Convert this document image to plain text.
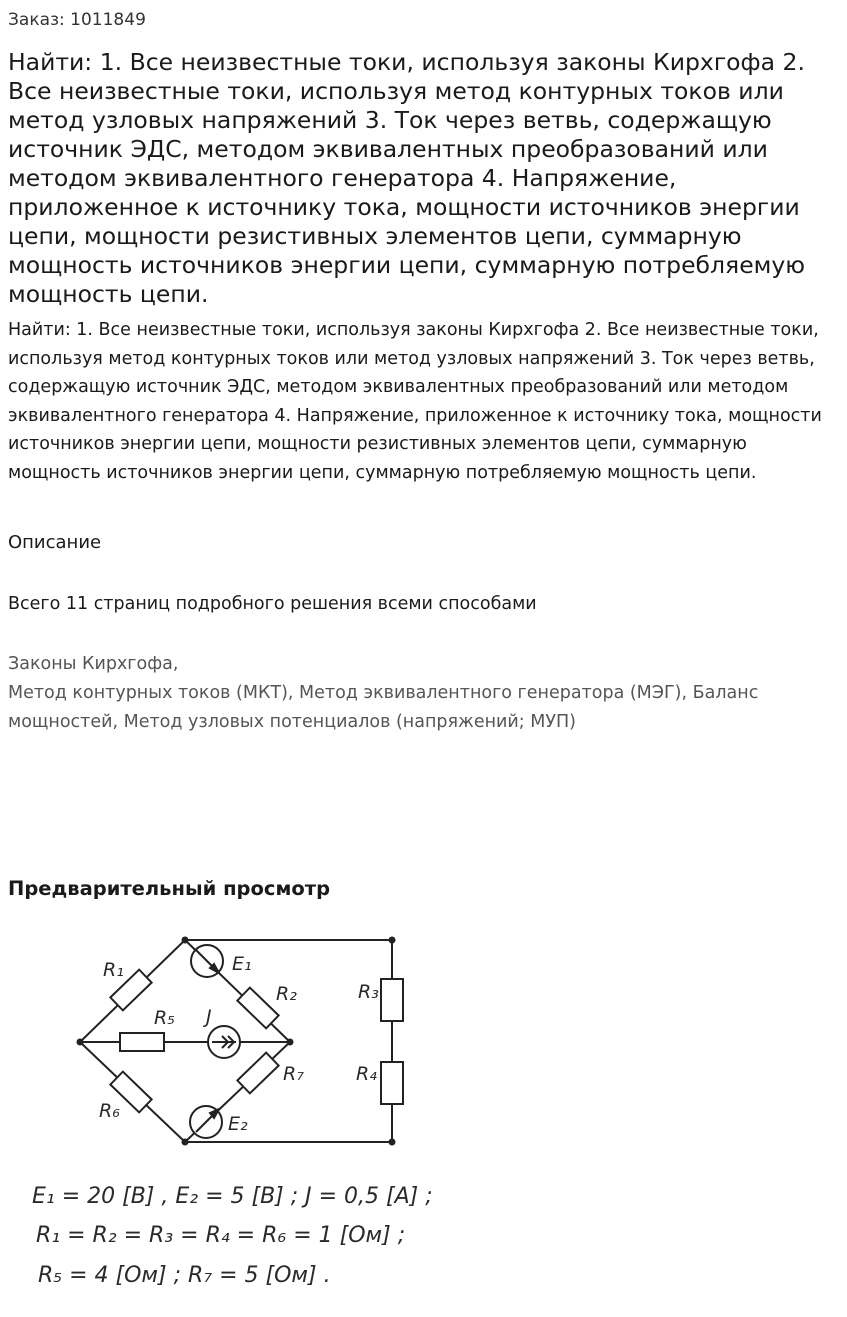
Заказ: 1011849
Найти: 1. Все неизвестные токи, используя законы Кирхгофа 2. Все неизвестные токи, используя метод контурных токов или метод узловых напряжений 3. Ток через ветвь, содержащую источник ЭДС, методом эквивалентных преобразований или методом эквивалентного генератора 4. Напряжение, приложенное к источнику тока, мощности источников энергии цепи, мощности резистивных элементов цепи, суммарную мощность источников энергии цепи, суммарную потребляемую мощность цепи.

Найти: 1. Все неизвестные токи, используя законы Кирхгофа 2. Все неизвестные токи, используя метод контурных токов или метод узловых напряжений 3. Ток через ветвь, содержащую источник ЭДС, методом эквивалентных преобразований или методом эквивалентного генератора 4. Напряжение, приложенное к источнику тока, мощности источников энергии цепи, мощности резистивных элементов цепи, суммарную мощность источников энергии цепи, суммарную потребляемую мощность цепи.

Описание
Всего 11 страниц подробного решения всеми способами
Законы Кирхгофа,
Метод контурных токов (МКТ), Метод эквивалентного генератора (МЭГ), Баланс мощностей, Метод узловых потенциалов (напряжений; МУП)
Предварительный просмотр
R₁
R₂	R₃
R₄
R₅
R₆
R₇
E₁
E₂
J
E₁ = 20 [В] , E₂ = 5 [В] ; J = 0,5 [А] ;
R₁ = R₂ = R₃ = R₄ = R₆ = 1 [Ом] ;
R₅ = 4 [Ом] ; R₇ = 5 [Ом] .
